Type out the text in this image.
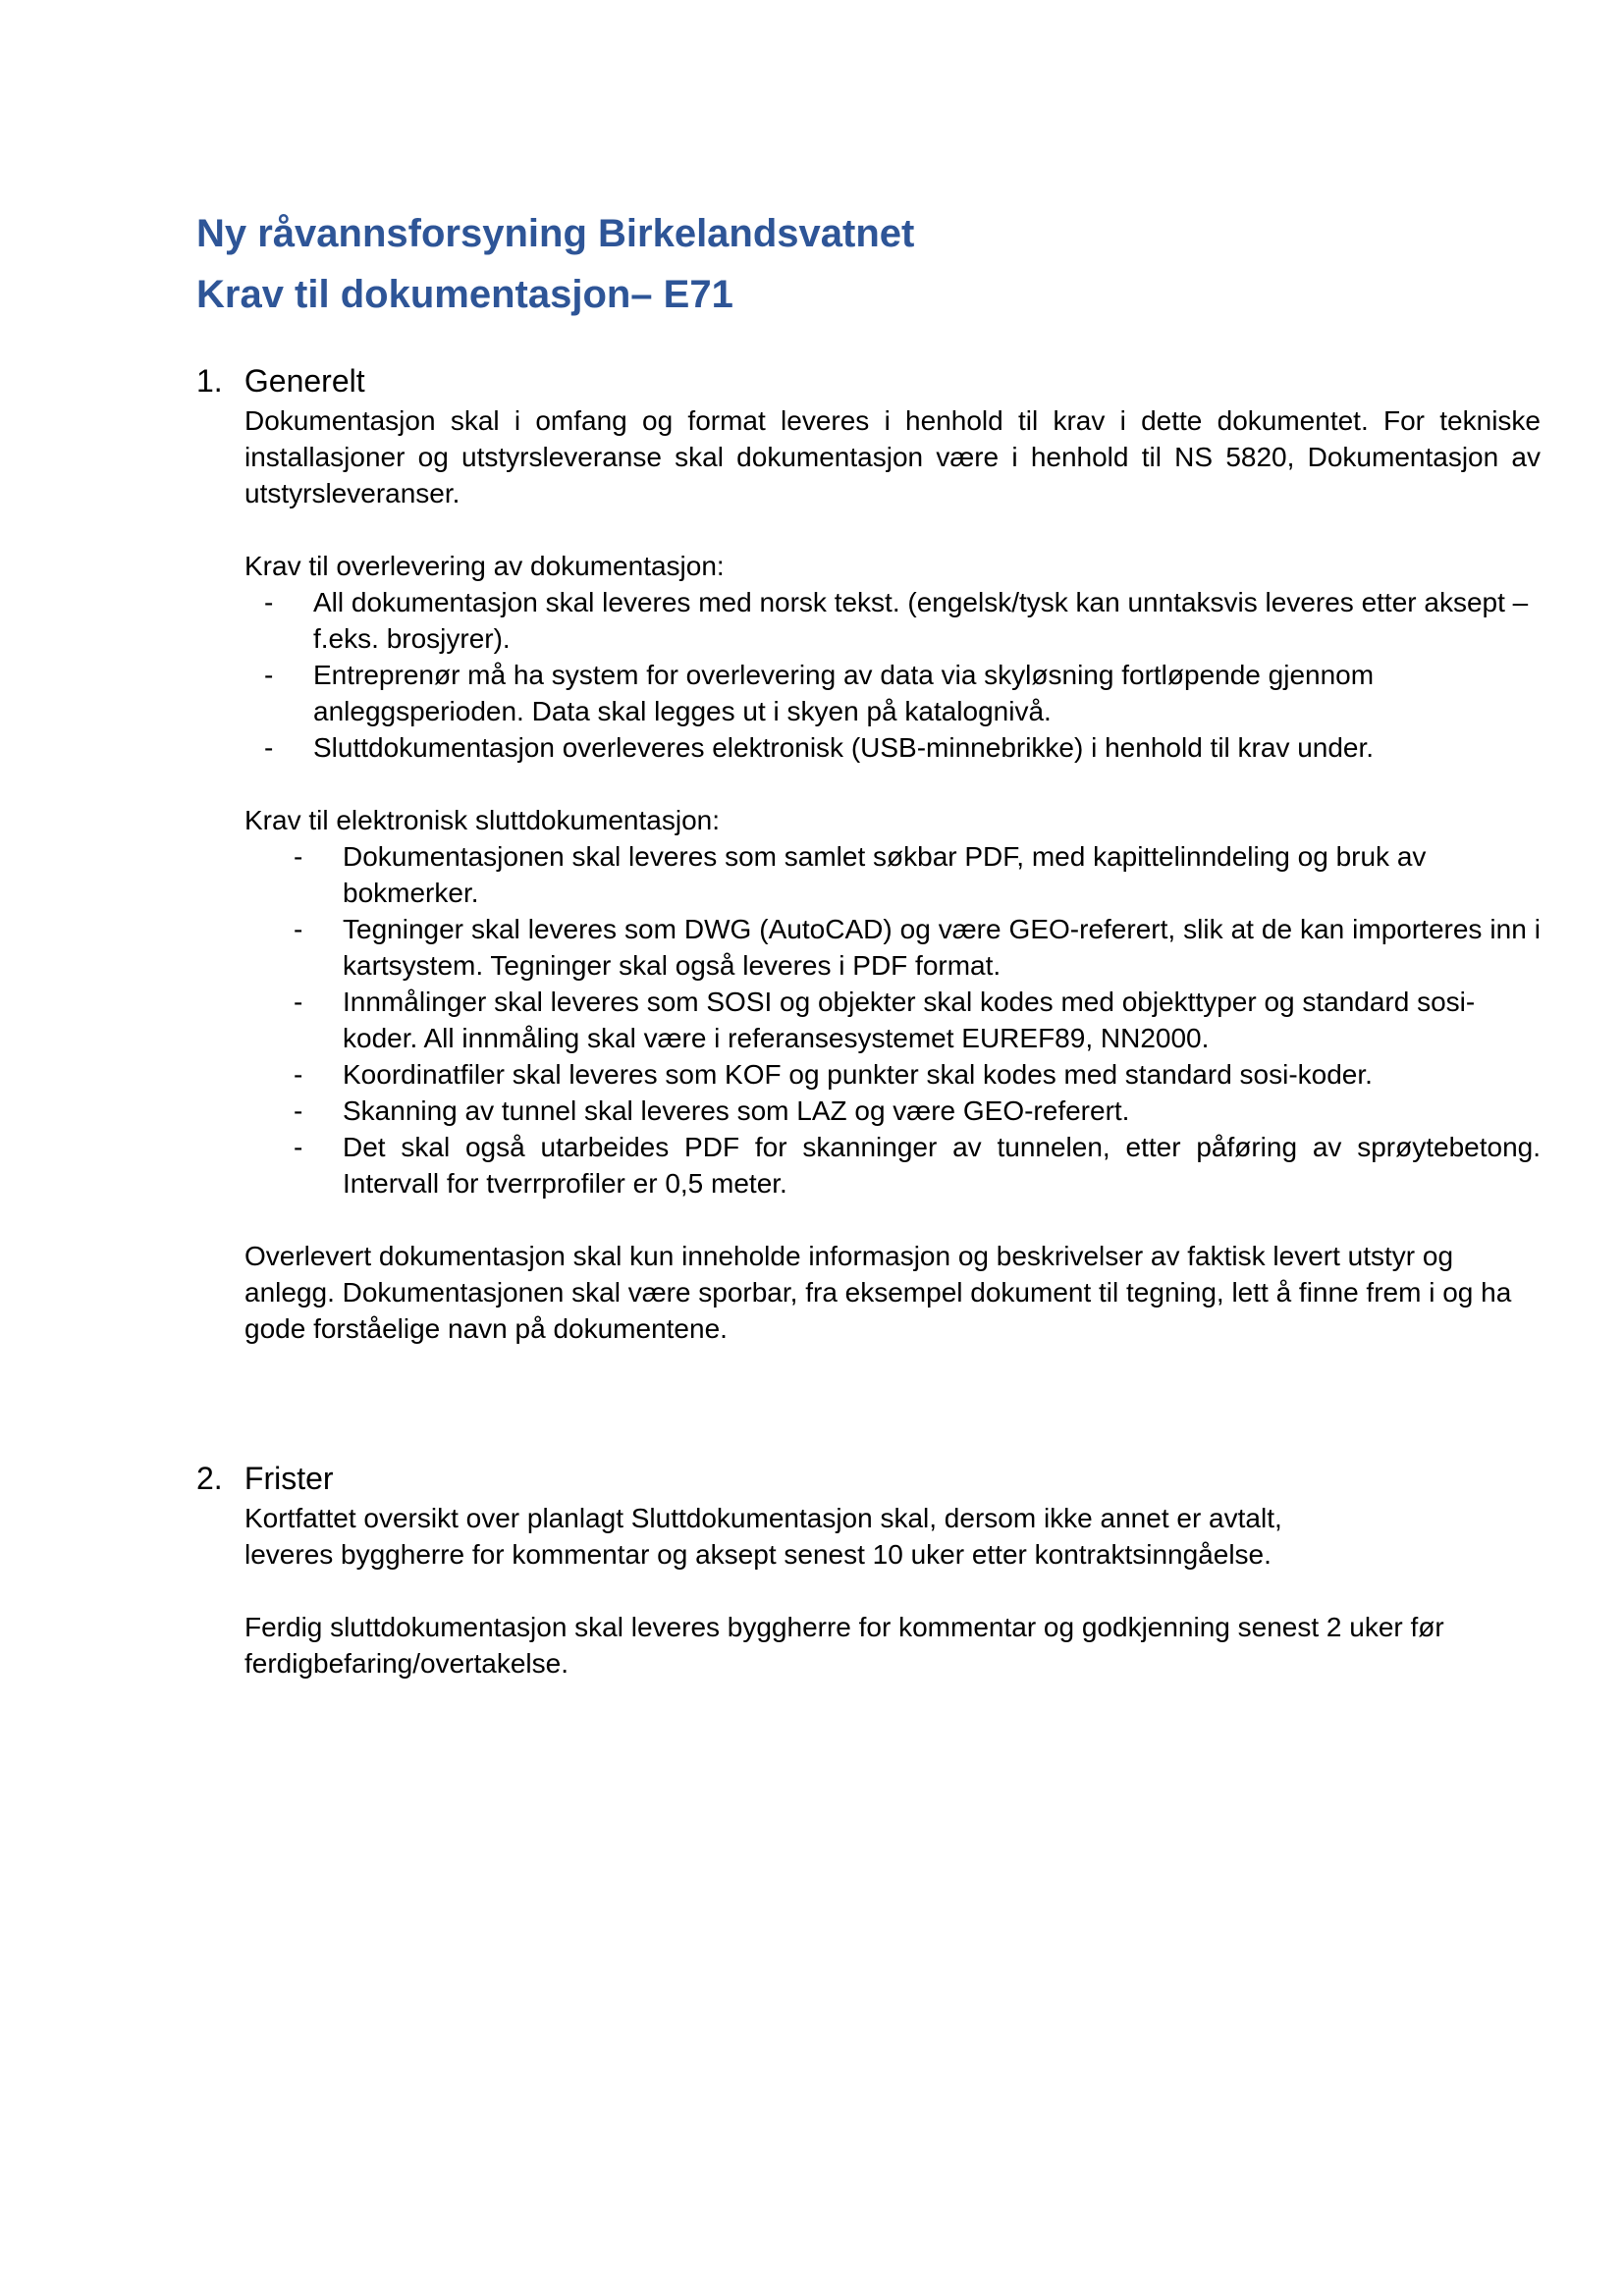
Ny råvannsforsyning Birkelandsvatnet
Krav til dokumentasjon– E71
1. Generelt

Dokumentasjon skal i omfang og format leveres i henhold til krav i dette dokumentet. For tekniske installasjoner og utstyrsleveranse skal dokumentasjon være i henhold til NS 5820, Dokumentasjon av utstyrsleveranser.

Krav til overlevering av dokumentasjon:

- All dokumentasjon skal leveres med norsk tekst. (engelsk/tysk kan unntaksvis leveres etter aksept – f.eks. brosjyrer).
- Entreprenør må ha system for overlevering av data via skyløsning fortløpende gjennom anleggsperioden. Data skal legges ut i skyen på katalognivå.
- Sluttdokumentasjon overleveres elektronisk (USB-minnebrikke) i henhold til krav under.

Krav til elektronisk sluttdokumentasjon:

- Dokumentasjonen skal leveres som samlet søkbar PDF, med kapittelinndeling og bruk av bokmerker.
- Tegninger skal leveres som DWG (AutoCAD) og være GEO-referert, slik at de kan importeres inn i kartsystem. Tegninger skal også leveres i PDF format.
- Innmålinger skal leveres som SOSI og objekter skal kodes med objekttyper og standard sosi-koder. All innmåling skal være i referansesystemet EUREF89, NN2000.
- Koordinatfiler skal leveres som KOF og punkter skal kodes med standard sosi-koder.
- Skanning av tunnel skal leveres som LAZ og være GEO-referert.
- Det skal også utarbeides PDF for skanninger av tunnelen, etter påføring av sprøytebetong. Intervall for tverrprofiler er 0,5 meter.

Overlevert dokumentasjon skal kun inneholde informasjon og beskrivelser av faktisk levert utstyr og anlegg. Dokumentasjonen skal være sporbar, fra eksempel dokument til tegning, lett å finne frem i og ha gode forståelige navn på dokumentene.

2. Frister

Kortfattet oversikt over planlagt Sluttdokumentasjon skal, dersom ikke annet er avtalt,

leveres byggherre for kommentar og aksept senest 10 uker etter kontraktsinngåelse.

Ferdig sluttdokumentasjon skal leveres byggherre for kommentar og godkjenning senest 2 uker før ferdigbefaring/overtakelse.
